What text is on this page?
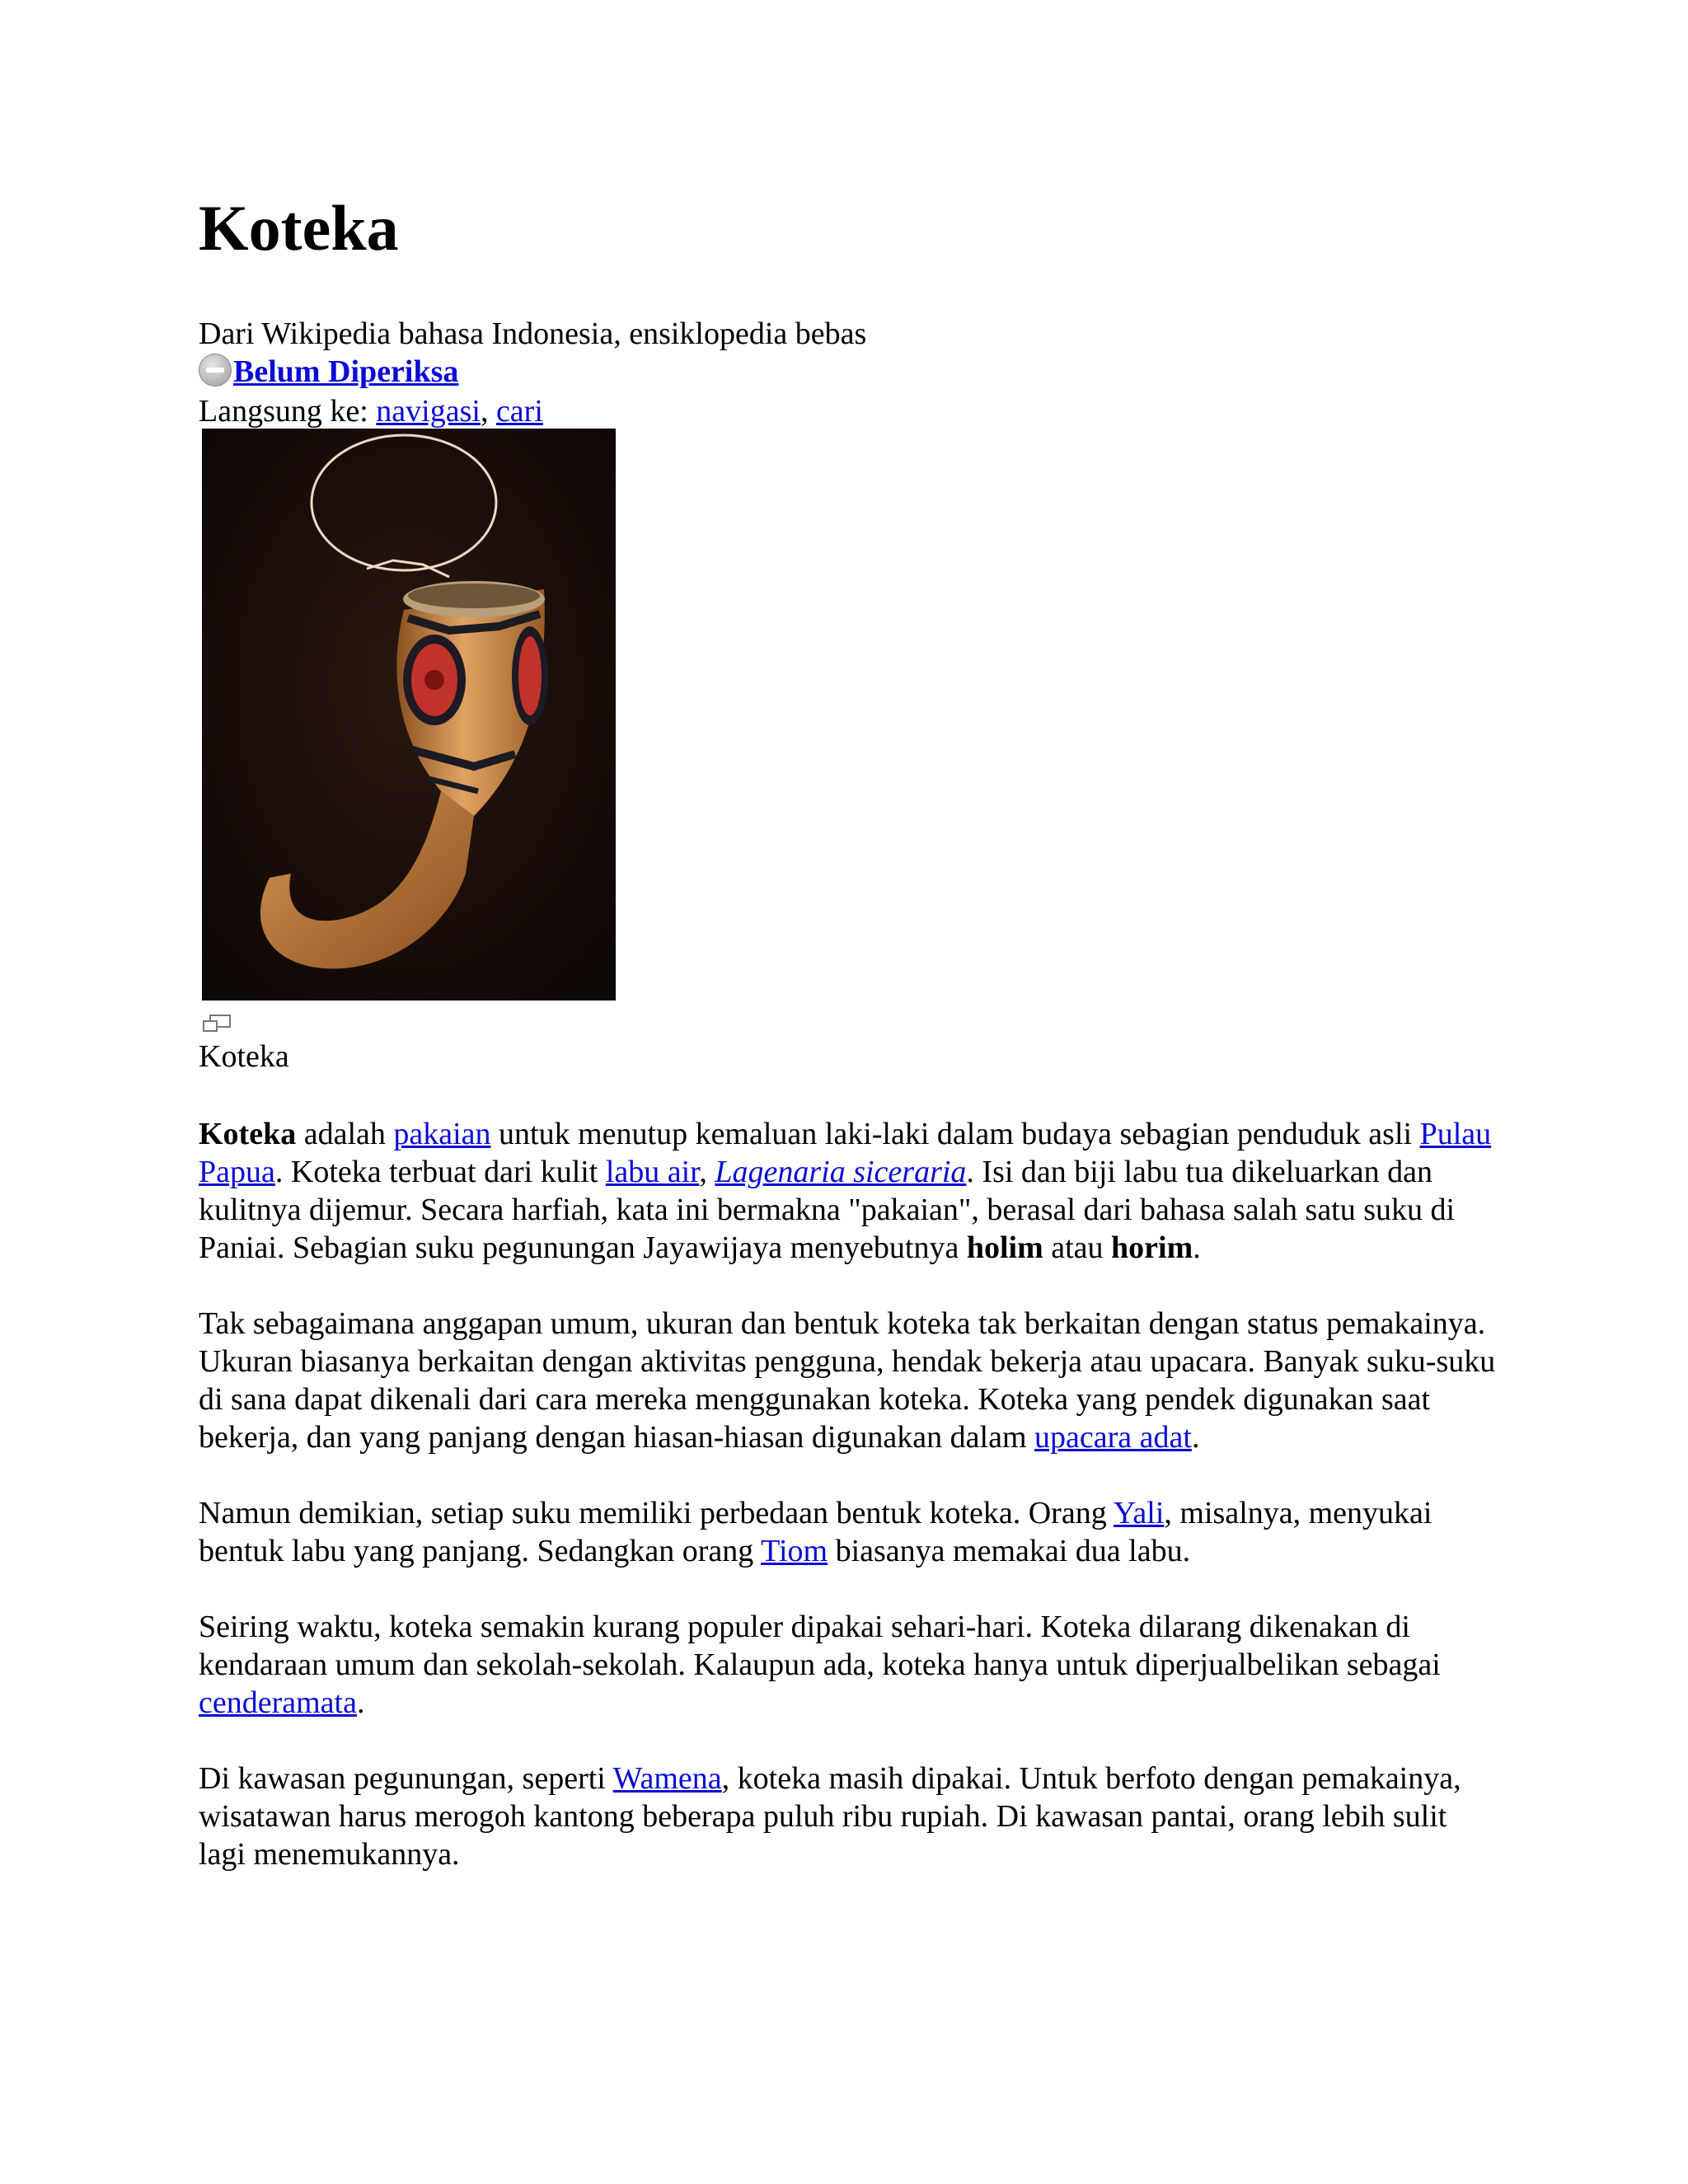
Koteka
Dari Wikipedia bahasa Indonesia, ensiklopedia bebas
Belum Diperiksa
Langsung ke: navigasi, cari
Koteka

Koteka adalah pakaian untuk menutup kemaluan laki-laki dalam budaya sebagian penduduk asli Pulau Papua. Koteka terbuat dari kulit labu air, Lagenaria siceraria. Isi dan biji labu tua dikeluarkan dan kulitnya dijemur. Secara harfiah, kata ini bermakna "pakaian", berasal dari bahasa salah satu suku di Paniai. Sebagian suku pegunungan Jayawijaya menyebutnya holim atau horim.

Tak sebagaimana anggapan umum, ukuran dan bentuk koteka tak berkaitan dengan status pemakainya. Ukuran biasanya berkaitan dengan aktivitas pengguna, hendak bekerja atau upacara. Banyak suku-suku di sana dapat dikenali dari cara mereka menggunakan koteka. Koteka yang pendek digunakan saat bekerja, dan yang panjang dengan hiasan-hiasan digunakan dalam upacara adat.

Namun demikian, setiap suku memiliki perbedaan bentuk koteka. Orang Yali, misalnya, menyukai bentuk labu yang panjang. Sedangkan orang Tiom biasanya memakai dua labu.

Seiring waktu, koteka semakin kurang populer dipakai sehari-hari. Koteka dilarang dikenakan di kendaraan umum dan sekolah-sekolah. Kalaupun ada, koteka hanya untuk diperjualbelikan sebagai cenderamata.

Di kawasan pegunungan, seperti Wamena, koteka masih dipakai. Untuk berfoto dengan pemakainya, wisatawan harus merogoh kantong beberapa puluh ribu rupiah. Di kawasan pantai, orang lebih sulit lagi menemukannya.
